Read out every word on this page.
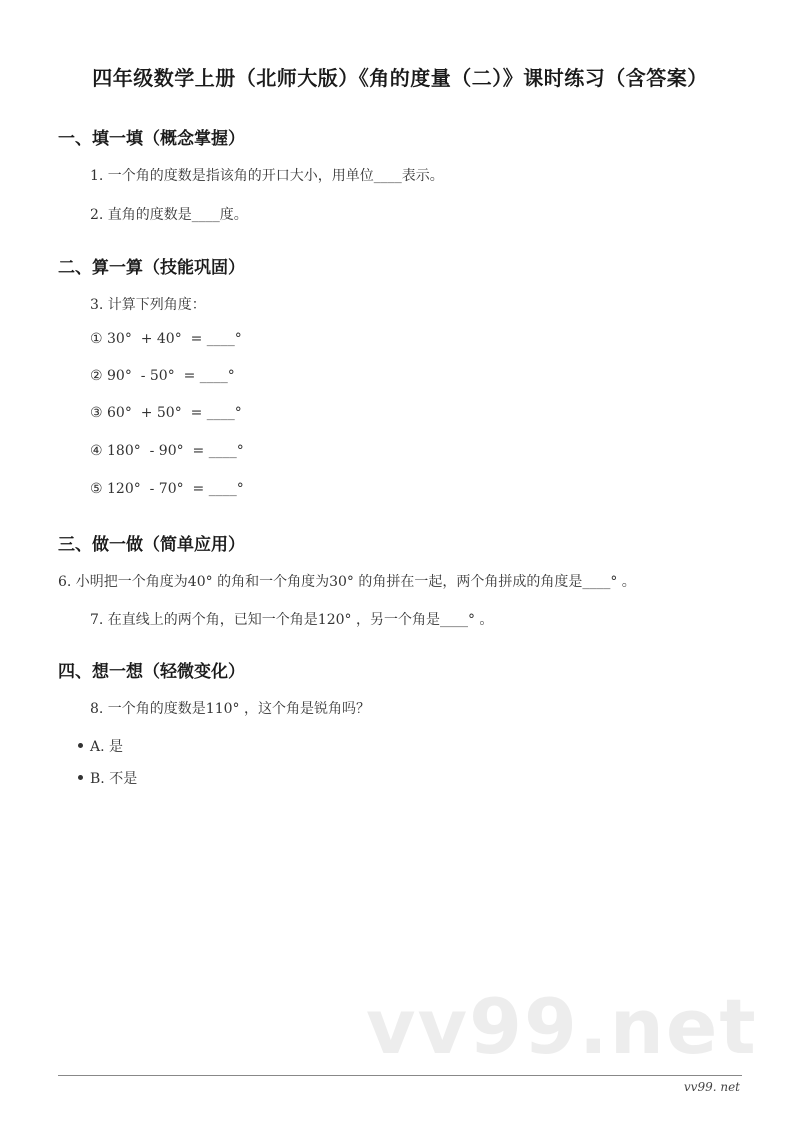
四年级数学上册（北师大版）《角的度量（二）》课时练习（含答案）
一、填一填（概念掌握）
1. 一个角的度数是指该角的开口大小，用单位____表示。
2. 直角的度数是____度。
二、算一算（技能巩固）
3. 计算下列角度：
① 30°  + 40°  = ____°
② 90°  - 50°  = ____°
③ 60°  + 50°  = ____°
④ 180°  - 90°  = ____°
⑤ 120°  - 70°  = ____°
三、做一做（简单应用）
6. 小明把一个角度为40° 的角和一个角度为30° 的角拼在一起，两个角拼成的角度是____° 。
7. 在直线上的两个角，已知一个角是120° ，另一个角是____° 。
四、想一想（轻微变化）
8. 一个角的度数是110° ，这个角是锐角吗？
A. 是
B. 不是
vv99.net
vv99. net
